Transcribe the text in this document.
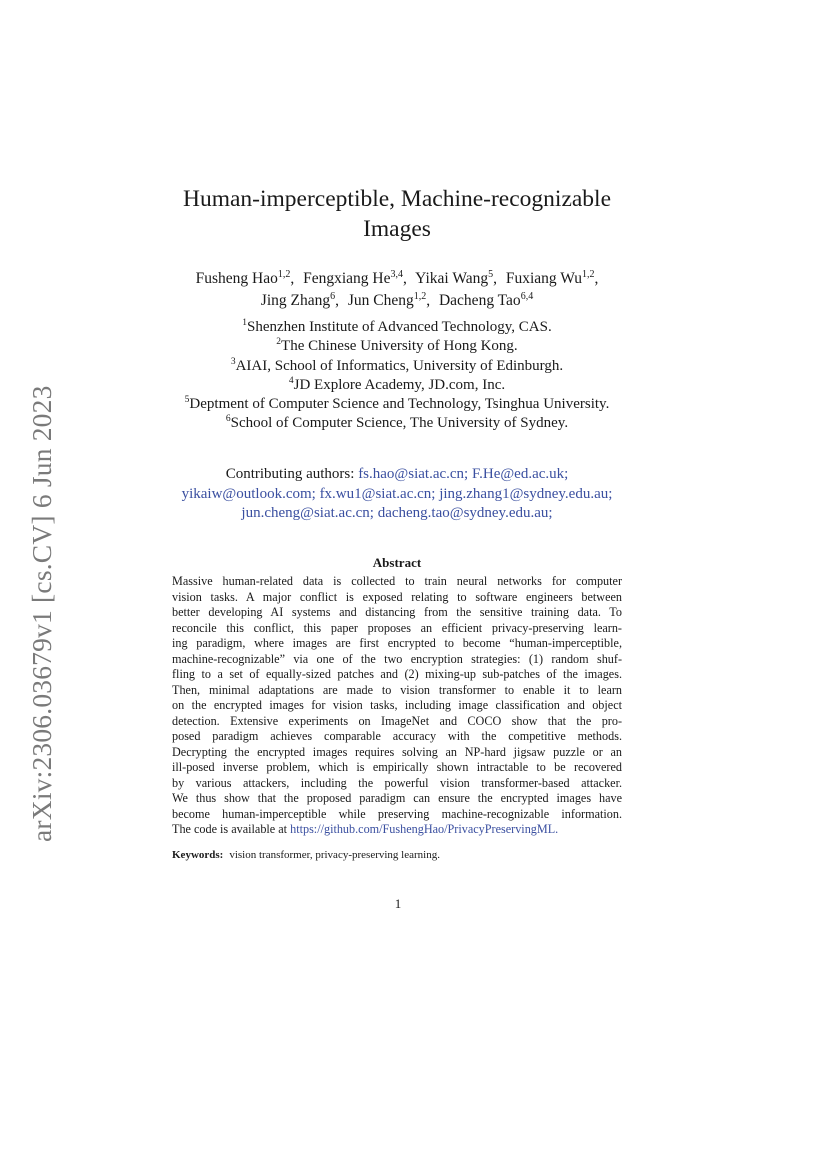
arXiv:2306.03679v1 [cs.CV] 6 Jun 2023
Human-imperceptible, Machine-recognizable
Images
Fusheng Hao$^{1,2}$, Fengxiang He$^{3,4}$, Yikai Wang$^5$, Fuxiang Wu$^{1,2}$,
Jing Zhang$^6$, Jun Cheng$^{1,2}$, Dacheng Tao$^{6,4}$
$^1$Shenzhen Institute of Advanced Technology, CAS.
$^2$The Chinese University of Hong Kong.
$^3$AIAI, School of Informatics, University of Edinburgh.
$^4$JD Explore Academy, JD.com, Inc.
$^5$Deptment of Computer Science and Technology, Tsinghua University.
$^6$School of Computer Science, The University of Sydney.
Contributing authors: fs.hao@siat.ac.cn; F.He@ed.ac.uk;
yikaiw@outlook.com; fx.wu1@siat.ac.cn; jing.zhang1@sydney.edu.au;
jun.cheng@siat.ac.cn; dacheng.tao@sydney.edu.au;
Abstract
Massive human-related data is collected to train neural networks for computer
vision tasks. A major conflict is exposed relating to software engineers between
better developing AI systems and distancing from the sensitive training data. To
reconcile this conflict, this paper proposes an efficient privacy-preserving learn-
ing paradigm, where images are first encrypted to become “human-imperceptible,
machine-recognizable” via one of the two encryption strategies: (1) random shuf-
fling to a set of equally-sized patches and (2) mixing-up sub-patches of the images.
Then, minimal adaptations are made to vision transformer to enable it to learn
on the encrypted images for vision tasks, including image classification and object
detection. Extensive experiments on ImageNet and COCO show that the pro-
posed paradigm achieves comparable accuracy with the competitive methods.
Decrypting the encrypted images requires solving an NP-hard jigsaw puzzle or an
ill-posed inverse problem, which is empirically shown intractable to be recovered
by various attackers, including the powerful vision transformer-based attacker.
We thus show that the proposed paradigm can ensure the encrypted images have
become human-imperceptible while preserving machine-recognizable information.
The code is available at https://github.com/FushengHao/PrivacyPreservingML.
Keywords: vision transformer, privacy-preserving learning.
1
